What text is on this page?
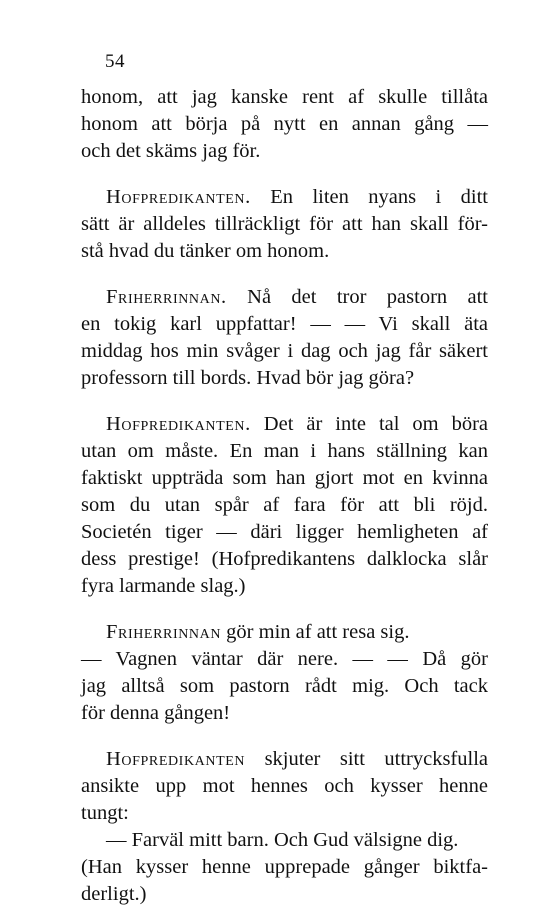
54
honom, att jag kanske rent af skulle tillåta
honom att börja på nytt en annan gång —
och det skäms jag för.
Hofpredikanten. En liten nyans i ditt
sätt är alldeles tillräckligt för att han skall för-
stå hvad du tänker om honom.
Friherrinnan. Nå det tror pastorn att
en tokig karl uppfattar! — — Vi skall äta
middag hos min svåger i dag och jag får säkert
professorn till bords. Hvad bör jag göra?
Hofpredikanten. Det är inte tal om böra
utan om måste. En man i hans ställning kan
faktiskt uppträda som han gjort mot en kvinna
som du utan spår af fara för att bli röjd.
Societén tiger — däri ligger hemligheten af
dess prestige! (Hofpredikantens dalklocka slår
fyra larmande slag.)
Friherrinnan gör min af att resa sig.
— Vagnen väntar där nere. — — Då gör
jag alltså som pastorn rådt mig. Och tack
för denna gången!
Hofpredikanten skjuter sitt uttrycksfulla
ansikte upp mot hennes och kysser henne
tungt:
— Farväl mitt barn. Och Gud välsigne dig.
(Han kysser henne upprepade gånger biktfa-
derligt.)
